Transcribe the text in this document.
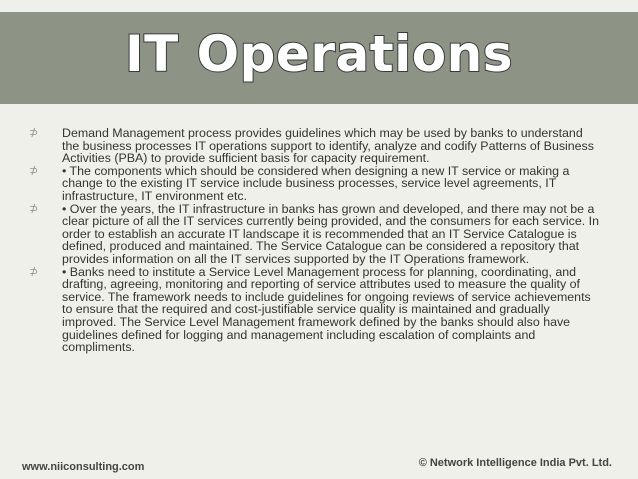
IT Operations
⊅	Demand Management process provides guidelines which may be used by banks to understand the business processes IT operations support to identify, analyze and codify Patterns of Business Activities (PBA) to provide sufficient basis for capacity requirement.
⊅	• The components which should be considered when designing a new IT service or making a change to the existing IT service include business processes, service level agreements, IT infrastructure, IT environment etc.
⊅	• Over the years, the IT infrastructure in banks has grown and developed, and there may not be a clear picture of all the IT services currently being provided, and the consumers for each service. In order to establish an accurate IT landscape it is recommended that an IT Service Catalogue is defined, produced and maintained. The Service Catalogue can be considered a repository that provides information on all the IT services supported by the IT Operations framework.
⊅	• Banks need to institute a Service Level Management process for planning, coordinating, and drafting, agreeing, monitoring and reporting of service attributes used to measure the quality of service. The framework needs to include guidelines for ongoing reviews of service achievements to ensure that the required and cost-justifiable service quality is maintained and gradually improved. The Service Level Management framework defined by the banks should also have guidelines defined for logging and management including escalation of complaints and compliments.
www.niiconsulting.com	© Network Intelligence India Pvt. Ltd.
